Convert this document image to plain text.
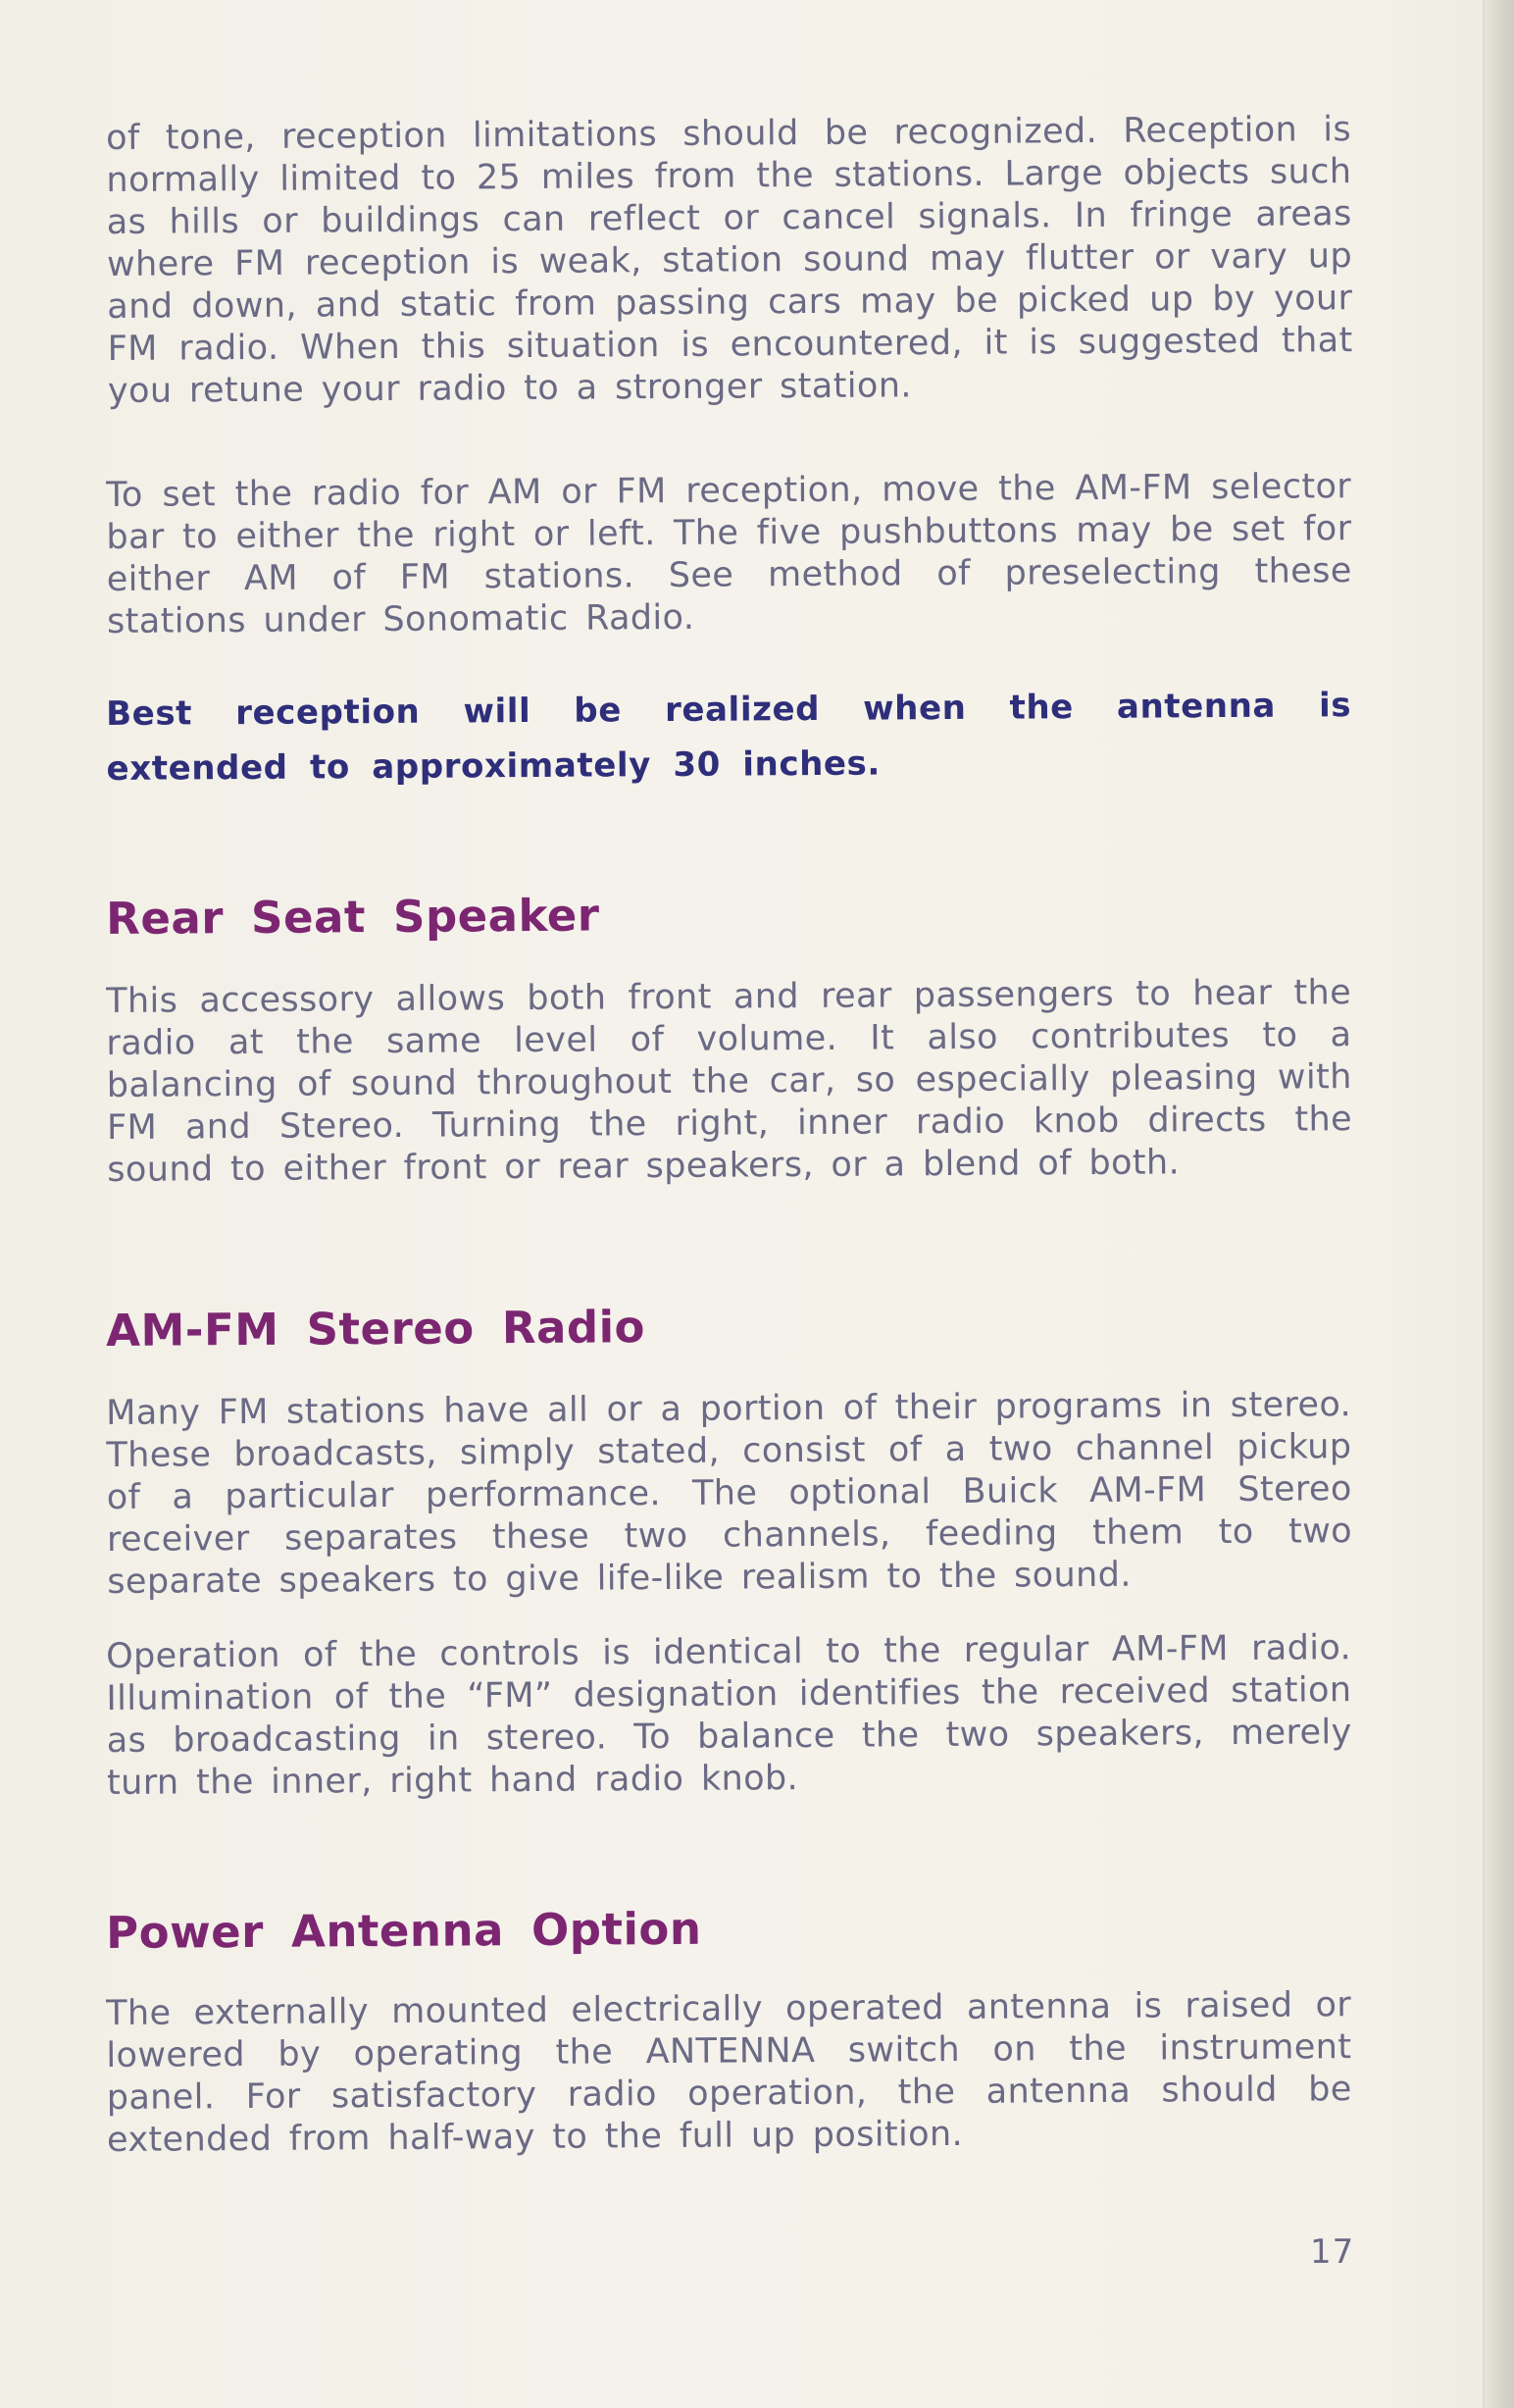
of tone, reception limitations should be recognized. Reception is normally limited to 25 miles from the stations. Large objects such as hills or buildings can reflect or cancel signals. In fringe areas where FM reception is weak, station sound may flutter or vary up and down, and static from passing cars may be picked up by your FM radio. When this situation is encountered, it is suggested that you retune your radio to a stronger station.

To set the radio for AM or FM reception, move the AM-FM selector bar to either the right or left. The five pushbuttons may be set for either AM of FM stations. See method of preselecting these stations under Sonomatic Radio.

Best reception will be realized when the antenna is extended to approximately 30 inches.

Rear Seat Speaker

This accessory allows both front and rear passengers to hear the radio at the same level of volume. It also contributes to a balancing of sound throughout the car, so especially pleasing with FM and Stereo. Turning the right, inner radio knob directs the sound to either front or rear speakers, or a blend of both.

AM-FM Stereo Radio

Many FM stations have all or a portion of their programs in stereo. These broadcasts, simply stated, consist of a two channel pickup of a particular performance. The optional Buick AM-FM Stereo receiver separates these two channels, feeding them to two separate speakers to give life-like realism to the sound.

Operation of the controls is identical to the regular AM-FM radio. Illumination of the “FM” designation identifies the received station as broadcasting in stereo. To balance the two speakers, merely turn the inner, right hand radio knob.

Power Antenna Option

The externally mounted electrically operated antenna is raised or lowered by operating the ANTENNA switch on the instrument panel. For satisfactory radio operation, the antenna should be extended from half-way to the full up position.

17
